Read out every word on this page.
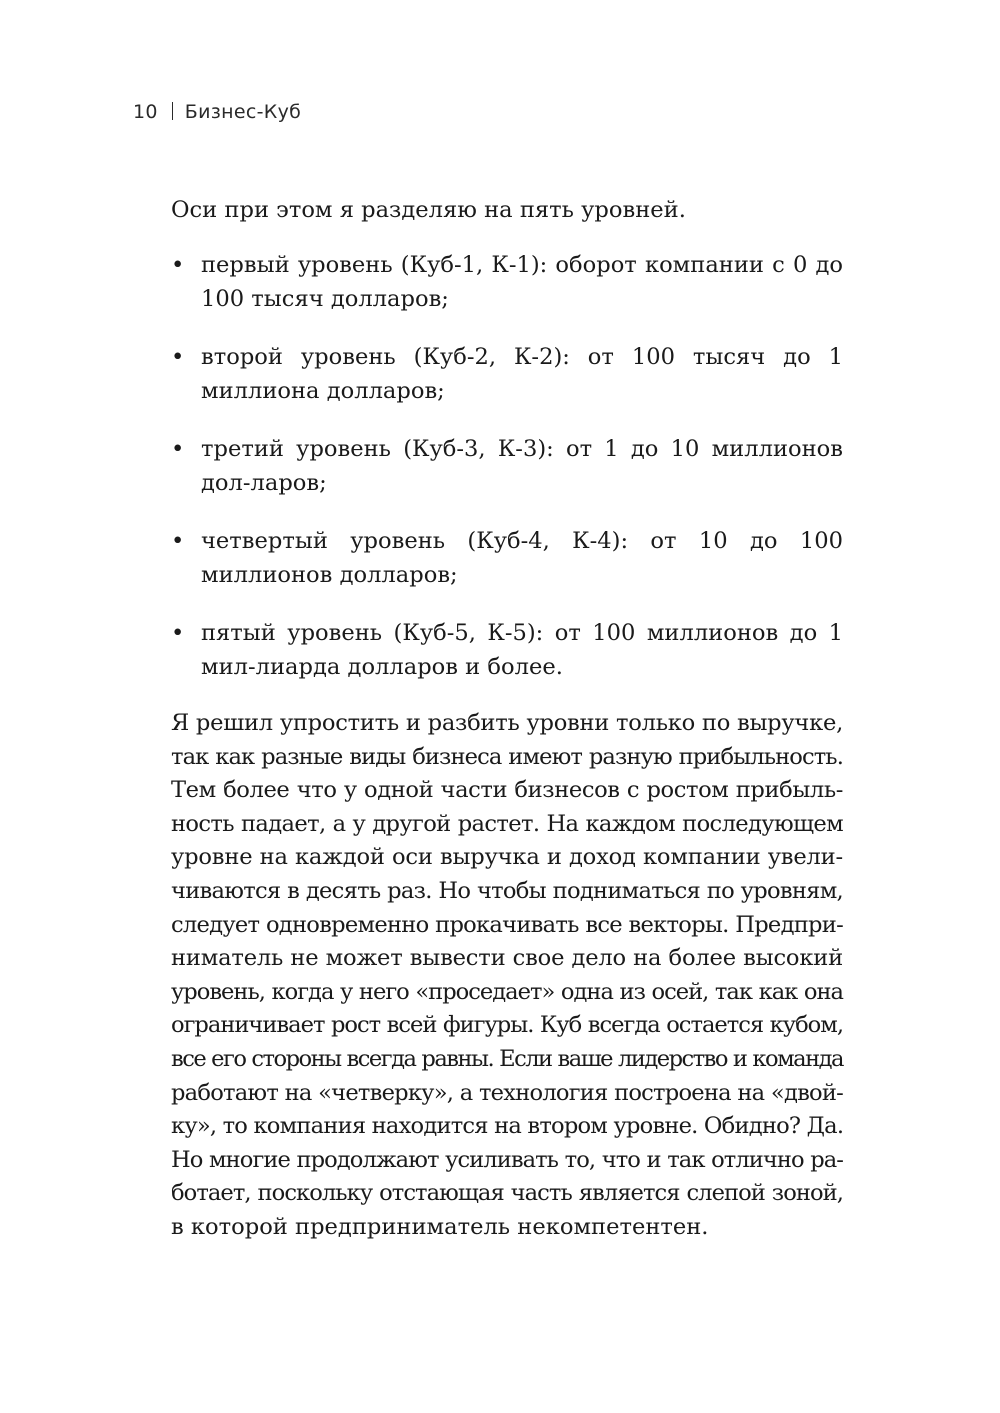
10 Бизнес-Куб
Оси при этом я разделяю на пять уровней.
• первый уровень (Куб-1, К-1): оборот компании с 0 до 100 тысяч долларов;
• второй уровень (Куб-2, К-2): от 100 тысяч до 1 миллиона долларов;
• третий уровень (Куб-3, К-3): от 1 до 10 миллионов дол-ларов;
• четвертый уровень (Куб-4, К-4): от 10 до 100 миллионов долларов;
• пятый уровень (Куб-5, К-5): от 100 миллионов до 1 мил-лиарда долларов и более.
Я решил упростить и разбить уровни только по выручке,
так как разные виды бизнеса имеют разную прибыльность.
Тем более что у одной части бизнесов с ростом прибыль-
ность падает, а у другой растет. На каждом последующем
уровне на каждой оси выручка и доход компании увели-
чиваются в десять раз. Но чтобы подниматься по уровням,
следует одновременно прокачивать все векторы. Предпри-
ниматель не может вывести свое дело на более высокий
уровень, когда у него «проседает» одна из осей, так как она
ограничивает рост всей фигуры. Куб всегда остается кубом,
все его стороны всегда равны. Если ваше лидерство и команда
работают на «четверку», а технология построена на «двой-
ку», то компания находится на втором уровне. Обидно? Да.
Но многие продолжают усиливать то, что и так отлично ра-
ботает, поскольку отстающая часть является слепой зоной,
в которой предприниматель некомпетентен.
